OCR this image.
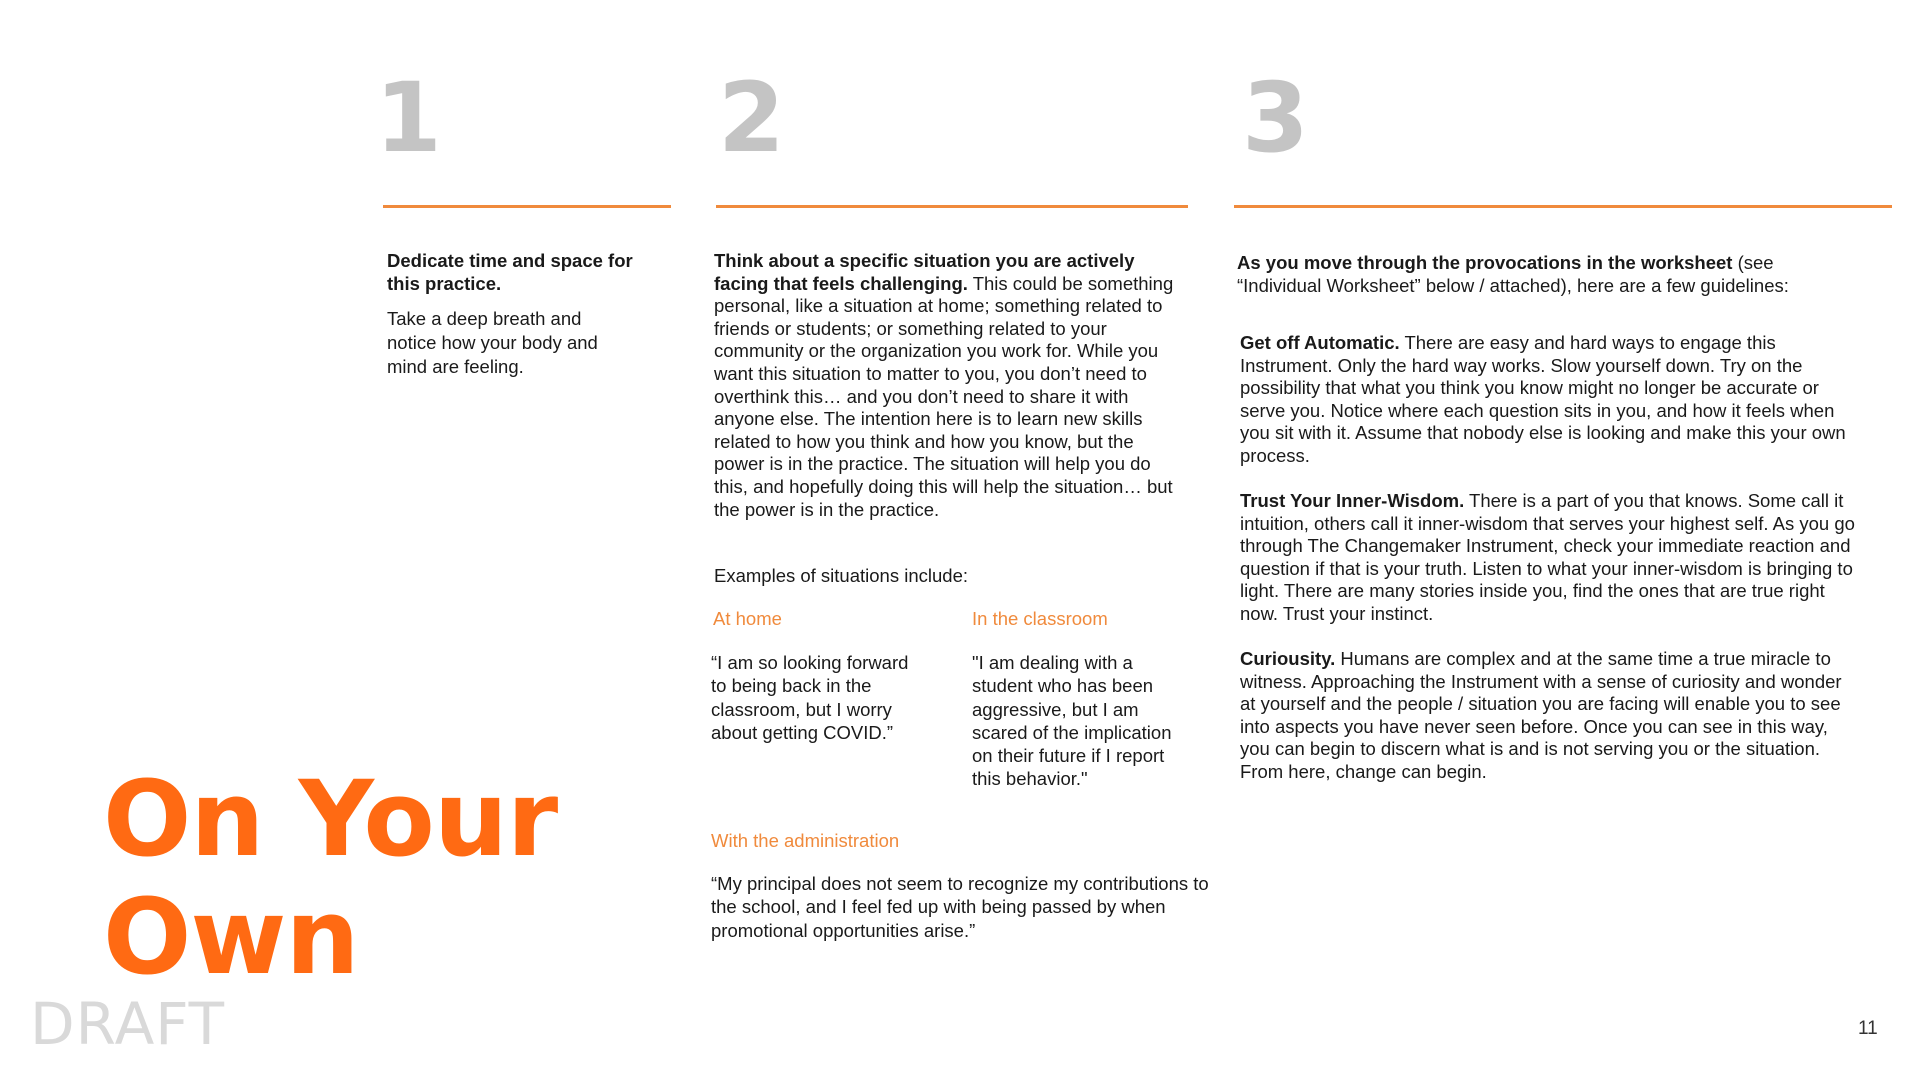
1	2	3

Dedicate time and space for this practice.

Take a deep breath and notice how your body and mind are feeling.

Think about a specific situation you are actively facing that feels challenging. This could be something personal, like a situation at home; something related to friends or students; or something related to your community or the organization you work for. While you want this situation to matter to you, you don’t need to overthink this… and you don’t need to share it with anyone else. The intention here is to learn new skills related to how you think and how you know, but the power is in the practice. The situation will help you do this, and hopefully doing this will help the situation… but the power is in the practice.

Examples of situations include:
At home
“I am so looking forward to being back in the classroom, but I worry about getting COVID.”
In the classroom
"I am dealing with a student who has been aggressive, but I am scared of the implication on their future if I report this behavior."
With the administration
“My principal does not seem to recognize my contributions to the school, and I feel fed up with being passed by when promotional opportunities arise.”

As you move through the provocations in the worksheet (see “Individual Worksheet” below / attached), here are a few guidelines:

Get off Automatic. There are easy and hard ways to engage this Instrument. Only the hard way works. Slow yourself down. Try on the possibility that what you think you know might no longer be accurate or serve you. Notice where each question sits in you, and how it feels when you sit with it. Assume that nobody else is looking and make this your own process.

Trust Your Inner-Wisdom. There is a part of you that knows. Some call it intuition, others call it inner-wisdom that serves your highest self. As you go through The Changemaker Instrument, check your immediate reaction and question if that is your truth. Listen to what your inner-wisdom is bringing to light. There are many stories inside you, find the ones that are true right now. Trust your instinct.

Curiousity. Humans are complex and at the same time a true miracle to witness. Approaching the Instrument with a sense of curiosity and wonder at yourself and the people / situation you are facing will enable you to see into aspects you have never seen before. Once you can see in this way, you can begin to discern what is and is not serving you or the situation. From here, change can begin.

On Your
Own
DRAFT	11
